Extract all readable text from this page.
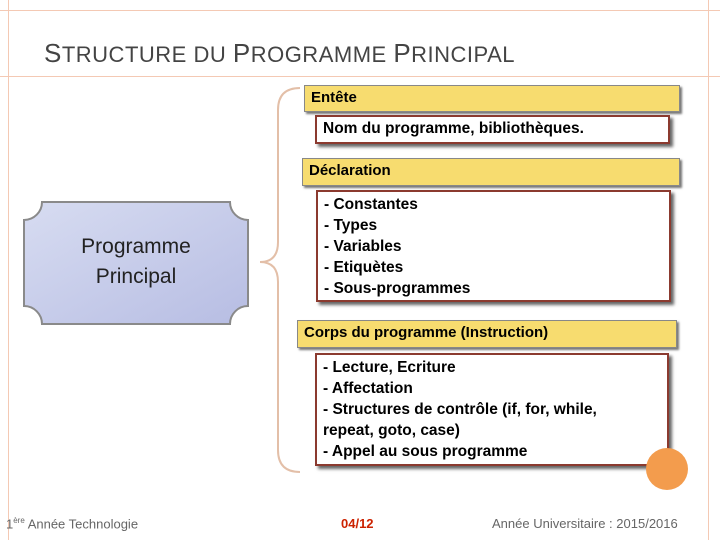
STRUCTURE DU PROGRAMME PRINCIPAL
Programme
Principal
Entête
Nom du programme, bibliothèques.
Déclaration
- Constantes
- Types
- Variables
- Etiquètes
- Sous-programmes
Corps du programme (Instruction)
- Lecture, Ecriture
- Affectation
- Structures de contrôle (if, for, while,
repeat, goto, case)
- Appel au sous programme
1ère Année Technologie	04/12	Année Universitaire : 2015/2016
